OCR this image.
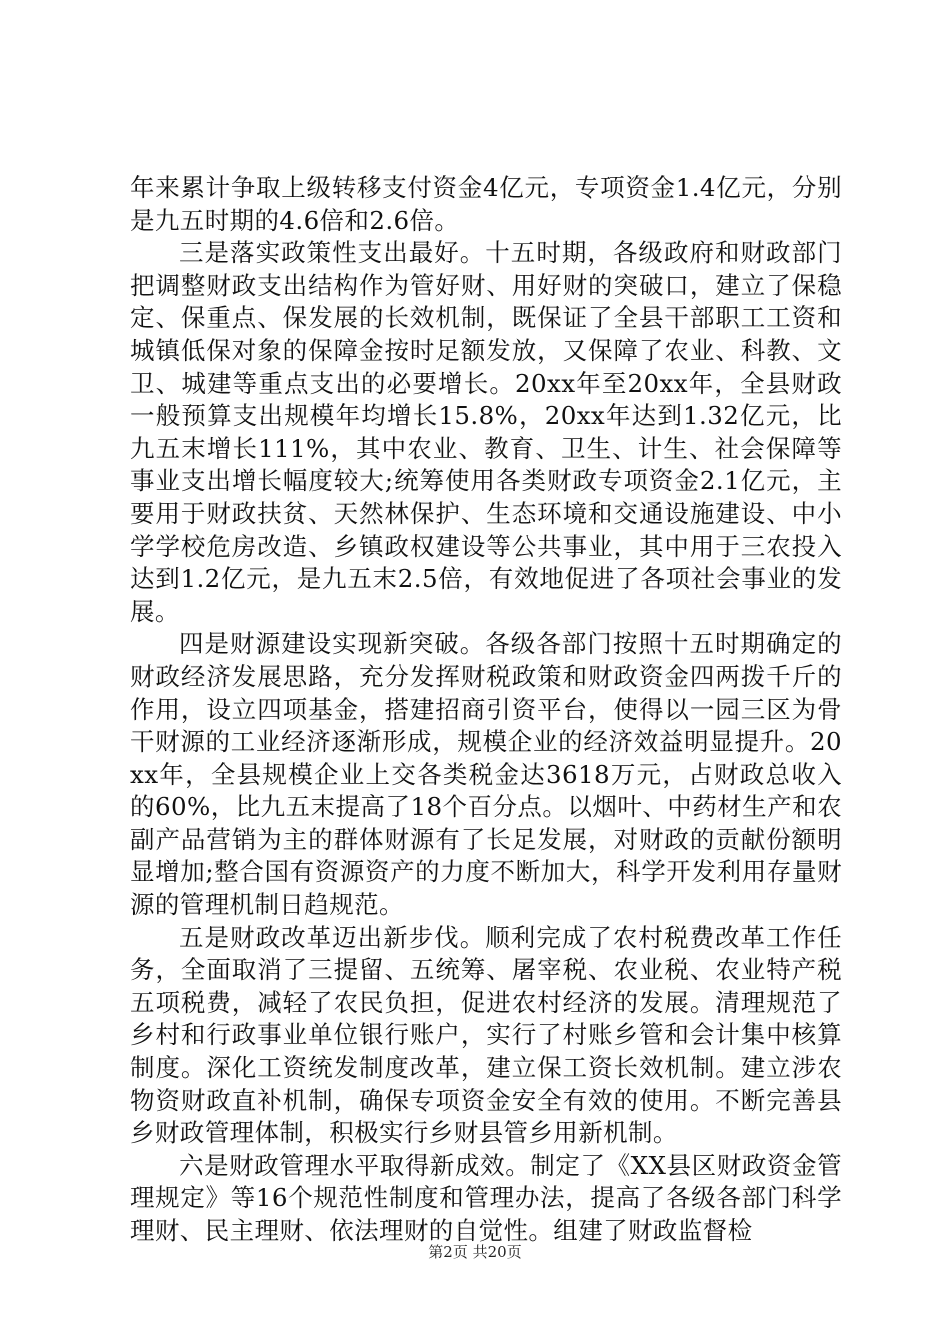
年来累计争取上级转移支付资金4亿元，专项资金1.4亿元，分别是九五时期的4.6倍和2.6倍。

三是落实政策性支出最好。十五时期，各级政府和财政部门把调整财政支出结构作为管好财、用好财的突破口，建立了保稳定、保重点、保发展的长效机制，既保证了全县干部职工工资和城镇低保对象的保障金按时足额发放，又保障了农业、科教、文卫、城建等重点支出的必要增长。20xx年至20xx年，全县财政一般预算支出规模年均增长15.8%，20xx年达到1.32亿元，比九五末增长111%，其中农业、教育、卫生、计生、社会保障等事业支出增长幅度较大;统筹使用各类财政专项资金2.1亿元，主要用于财政扶贫、天然林保护、生态环境和交通设施建设、中小学学校危房改造、乡镇政权建设等公共事业，其中用于三农投入达到1.2亿元，是九五末2.5倍，有效地促进了各项社会事业的发展。

四是财源建设实现新突破。各级各部门按照十五时期确定的财政经济发展思路，充分发挥财税政策和财政资金四两拨千斤的作用，设立四项基金，搭建招商引资平台，使得以一园三区为骨干财源的工业经济逐渐形成，规模企业的经济效益明显提升。20xx年，全县规模企业上交各类税金达3618万元，占财政总收入的60%，比九五末提高了18个百分点。以烟叶、中药材生产和农副产品营销为主的群体财源有了长足发展，对财政的贡献份额明显增加;整合国有资源资产的力度不断加大，科学开发利用存量财源的管理机制日趋规范。

五是财政改革迈出新步伐。顺利完成了农村税费改革工作任务，全面取消了三提留、五统筹、屠宰税、农业税、农业特产税五项税费，减轻了农民负担，促进农村经济的发展。清理规范了乡村和行政事业单位银行账户，实行了村账乡管和会计集中核算制度。深化工资统发制度改革，建立保工资长效机制。建立涉农物资财政直补机制，确保专项资金安全有效的使用。不断完善县乡财政管理体制，积极实行乡财县管乡用新机制。

六是财政管理水平取得新成效。制定了《XX县区财政资金管理规定》等16个规范性制度和管理办法，提高了各级各部门科学理财、民主理财、依法理财的自觉性。组建了财政监督检

第2页 共20页
